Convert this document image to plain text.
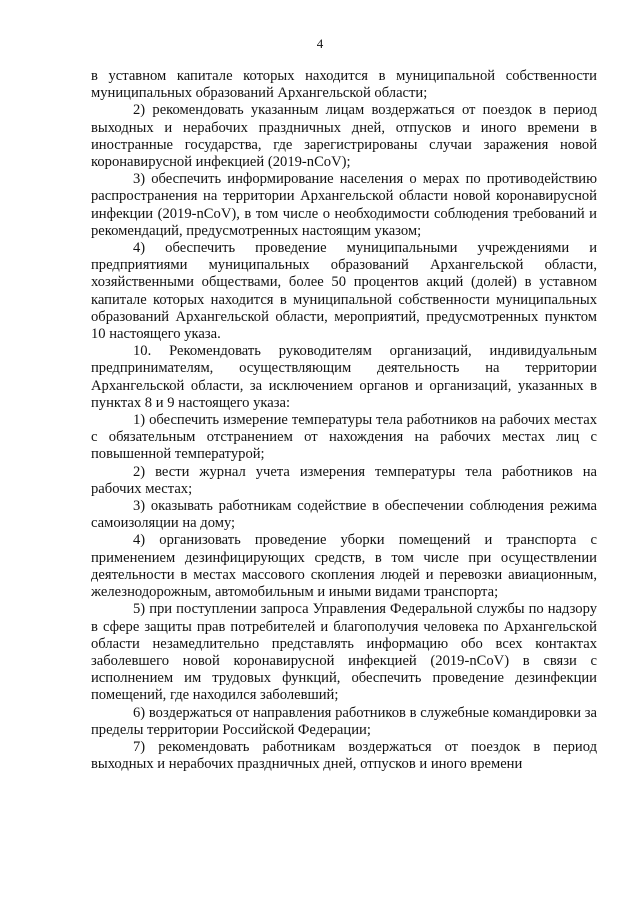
4

в уставном капитале которых находится в муниципальной собственности муниципальных образований Архангельской области;

2) рекомендовать указанным лицам воздержаться от поездок в период выходных и нерабочих праздничных дней, отпусков и иного времени в иностранные государства, где зарегистрированы случаи заражения новой коронавирусной инфекцией (2019-nCoV);

3) обеспечить информирование населения о мерах по противодействию распространения на территории Архангельской области новой коронавирусной инфекции (2019-nCoV), в том числе о необходимости соблюдения требований и рекомендаций, предусмотренных настоящим указом;

4) обеспечить проведение муниципальными учреждениями и предприятиями муниципальных образований Архангельской области, хозяйственными обществами, более 50 процентов акций (долей) в уставном капитале которых находится в муниципальной собственности муниципальных образований Архангельской области, мероприятий, предусмотренных пунктом 10 настоящего указа.

10. Рекомендовать руководителям организаций, индивидуальным предпринимателям, осуществляющим деятельность на территории Архангельской области, за исключением органов и организаций, указанных в пунктах 8 и 9 настоящего указа:

1) обеспечить измерение температуры тела работников на рабочих местах с обязательным отстранением от нахождения на рабочих местах лиц с повышенной температурой;

2) вести журнал учета измерения температуры тела работников на рабочих местах;

3) оказывать работникам содействие в обеспечении соблюдения режима самоизоляции на дому;

4) организовать проведение уборки помещений и транспорта с применением дезинфицирующих средств, в том числе при осуществлении деятельности в местах массового скопления людей и перевозки авиационным, железнодорожным, автомобильным и иными видами транспорта;

5) при поступлении запроса Управления Федеральной службы по надзору в сфере защиты прав потребителей и благополучия человека по Архангельской области незамедлительно представлять информацию обо всех контактах заболевшего новой коронавирусной инфекцией (2019-nCoV) в связи с исполнением им трудовых функций, обеспечить проведение дезинфекции помещений, где находился заболевший;

6) воздержаться от направления работников в служебные командировки за пределы территории Российской Федерации;

7) рекомендовать работникам воздержаться от поездок в период выходных и нерабочих праздничных дней, отпусков и иного времени
